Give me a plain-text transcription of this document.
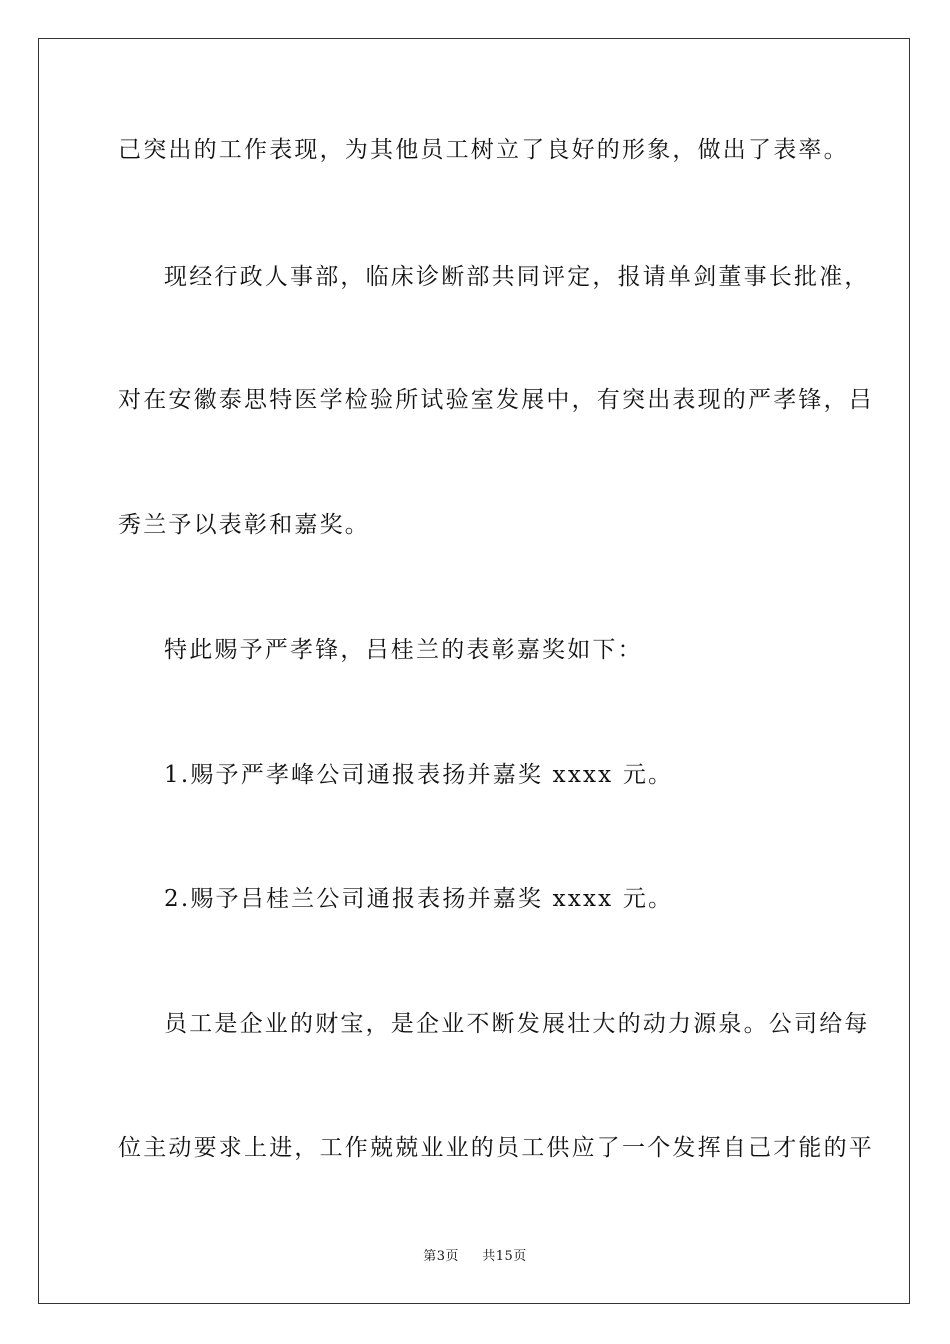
己突出的工作表现，为其他员工树立了良好的形象，做出了表率。
现经行政人事部，临床诊断部共同评定，报请单剑董事长批准，
对在安徽泰思特医学检验所试验室发展中，有突出表现的严孝锋，吕
秀兰予以表彰和嘉奖。
特此赐予严孝锋，吕桂兰的表彰嘉奖如下：
1.赐予严孝峰公司通报表扬并嘉奖 xxxx 元。
2.赐予吕桂兰公司通报表扬并嘉奖 xxxx 元。
员工是企业的财宝，是企业不断发展壮大的动力源泉。公司给每
位主动要求上进，工作兢兢业业的员工供应了一个发挥自己才能的平
第3页 共15页
